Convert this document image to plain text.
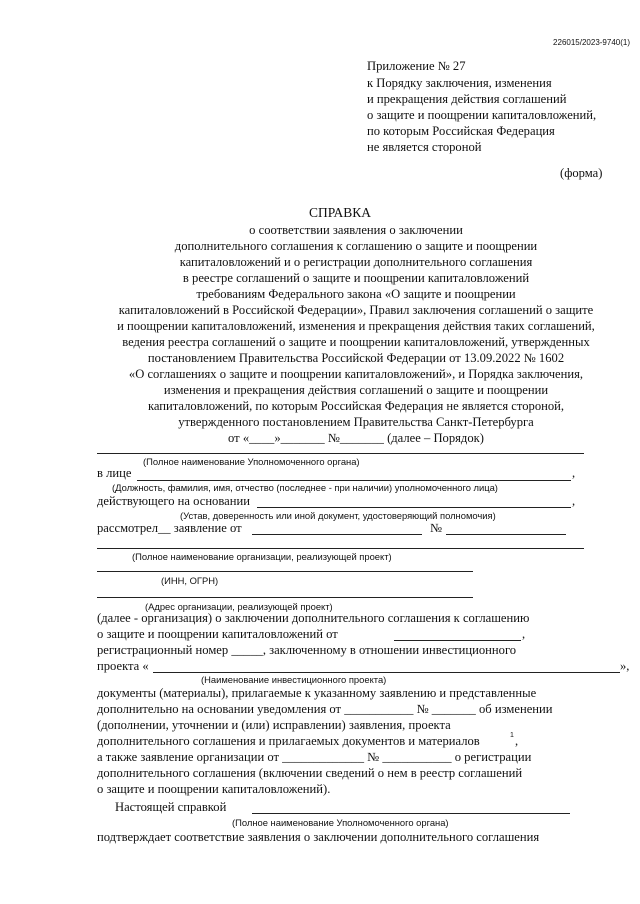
226015/2023-9740(1)
Приложение № 27
к Порядку заключения, изменения
и прекращения действия соглашений
о защите и поощрении капиталовложений,
по которым Российская Федерация
не является стороной
(форма)
СПРАВКА
о соответствии заявления о заключении
дополнительного соглашения к соглашению о защите и поощрении
капиталовложений и о регистрации дополнительного соглашения
в реестре соглашений о защите и поощрении капиталовложений
требованиям Федерального закона «О защите и поощрении
капиталовложений в Российской Федерации», Правил заключения соглашений о защите
и поощрении капиталовложений, изменения и прекращения действия таких соглашений,
ведения реестра соглашений о защите и поощрении капиталовложений, утвержденных
постановлением Правительства Российской Федерации от 13.09.2022 № 1602
«О соглашениях о защите и поощрении капиталовложений», и Порядка заключения,
изменения и прекращения действия соглашений о защите и поощрении
капиталовложений, по которым Российская Федерация не является стороной,
утвержденного постановлением Правительства Санкт-Петербурга
от «____»_______ №_______ (далее – Порядок)
(Полное наименование Уполномоченного органа)
в лице	,
(Должность, фамилия, имя, отчество (последнее - при наличии) уполномоченного лица)
действующего на основании	,
(Устав, доверенность или иной документ, удостоверяющий полномочия)
рассмотрел__ заявление от	№
(Полное наименование организации, реализующей проект)
(ИНН, ОГРН)
(Адрес организации, реализующей проект)
(далее - организация) о заключении дополнительного соглашения к соглашению
о защите и поощрении капиталовложений от	,
регистрационный номер _____, заключенному в отношении инвестиционного
проекта «	»,
(Наименование инвестиционного проекта)
документы (материалы), прилагаемые к указанному заявлению и представленные
дополнительно на основании уведомления от ___________ № _______ об изменении
(дополнении, уточнении и (или) исправлении) заявления, проекта
дополнительного соглашения и прилагаемых документов и материалов	1 ,
а также заявление организации от _____________ № ___________ о регистрации
дополнительного соглашения (включении сведений о нем в реестр соглашений
о защите и поощрении капиталовложений).
Настоящей справкой
(Полное наименование Уполномоченного органа)
подтверждает соответствие заявления о заключении дополнительного соглашения
